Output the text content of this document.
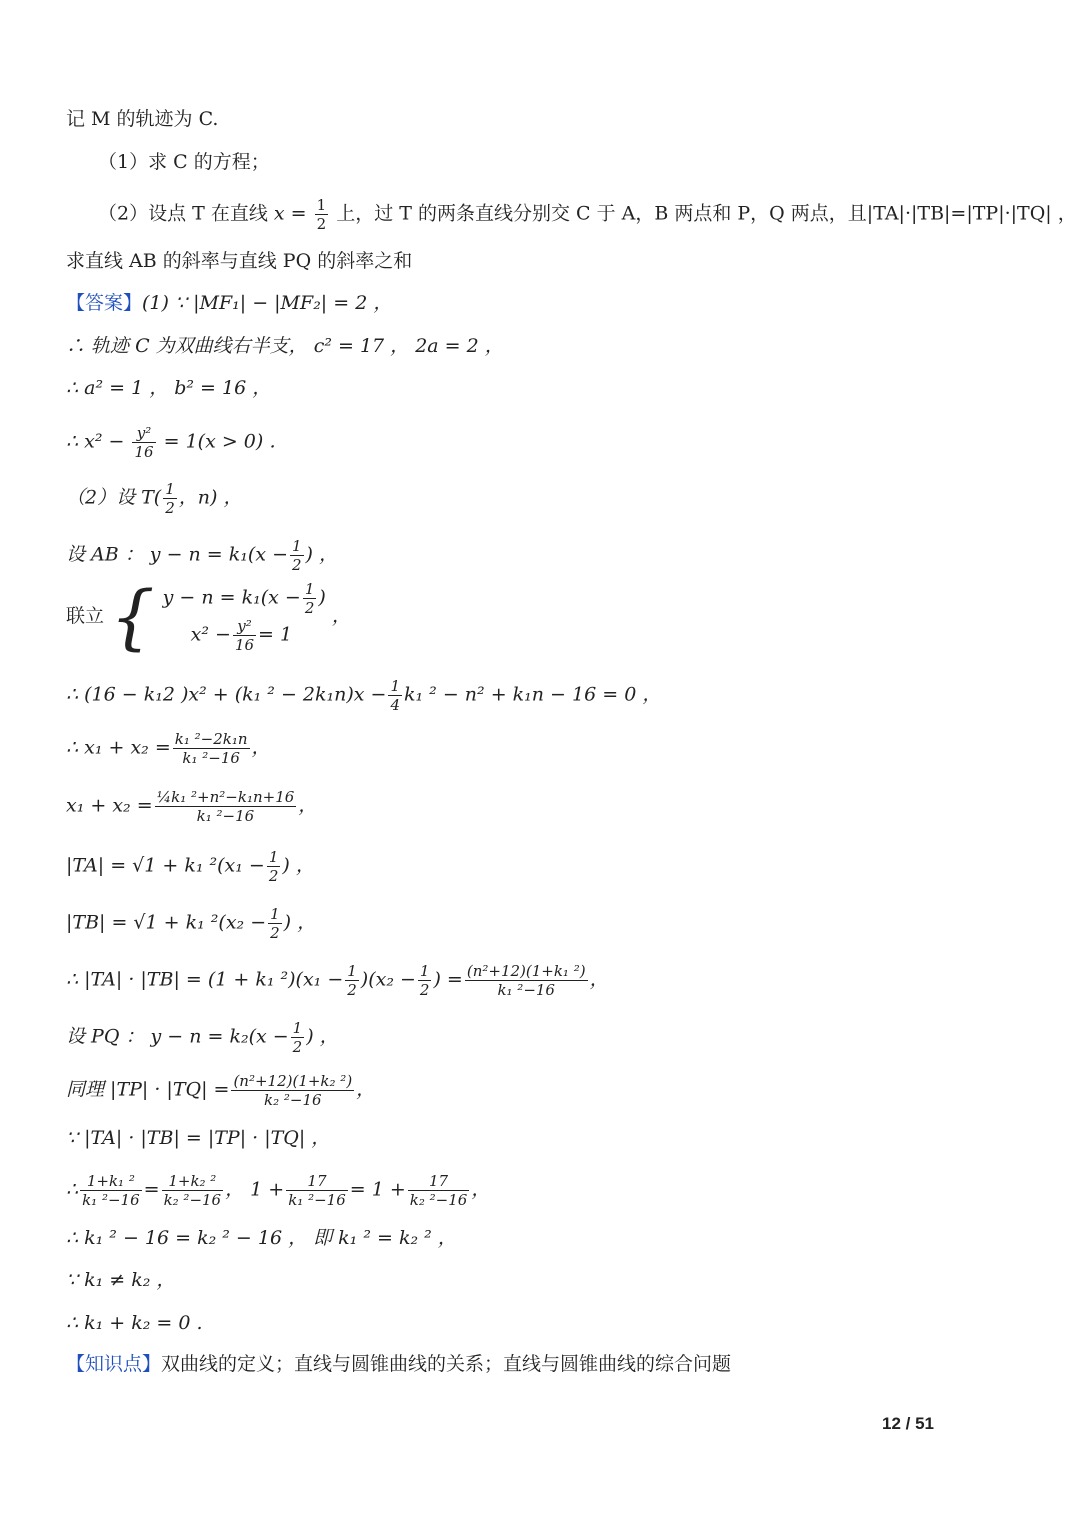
记 M 的轨迹为 C.
（1）求 C 的方程；
（2）设点 T 在直线 $x = \frac{1}{2}$ 上，过 T 的两条直线分别交 C 于 A，B 两点和 P，Q 两点，且|TA|·|TB|=|TP|·|TQ| ，
求直线 AB 的斜率与直线 PQ 的斜率之和
【答案】(1) ∵ |MF₁| − |MF₂| = 2 ，
∴ 轨迹 C 为双曲线右半支， c² = 17 ， 2a = 2 ，
∴ a² = 1 ， b² = 16 ，
∴ $x^2 - \frac{\text{y²}}{16} = 1(x > 0)$ ．
（2）设 $T( \frac{1}{2}$ ，n) ，
设 AB ： $y - n = k_1(x - \frac{1}{2}$ ) ，
联立 { $y - n = k_1(x - \frac{1}{2}$ )
$x^2 - \frac{\text{y²}}{16} = 1$
，
∴ (16 − k₁2 )x² + (k₁ $^2 - 2k_1n)x - \frac{1}{4} k_1$ ² − n² + k₁n − 16 = 0 ，
∴ $x_1 + x_2 = \frac{\text{k₁ ²−2k₁n}}{\text{k₁ ²−16}}$ ，
$x_1 + x_2 = \frac{\text{¼k₁ ²+n²−k₁n+16}}{\text{k₁ ²−16}}$ ，
|TA| = √1 + k₁ $^2(x_1 - \frac{1}{2}$ ) ，
|TB| = √1 + k₁ $^2(x_2 - \frac{1}{2}$ ) ，
∴ |TA| · |TB| = (1 + k₁ $^2)(x_1 - \frac{1}{2} )(x_2 - \frac{1}{2}$ ) = $\frac{\text{(n²+12)(1+k₁ ²)}}{\text{k₁ ²−16}}$ ，
设 PQ ： $y - n = k_2(x - \frac{1}{2}$ ) ，
同理 $|TP| \cdot |TQ| = \frac{\text{(n²+12)(1+k₂ ²)}}{\text{k₂ ²−16}}$ ，
∵ |TA| · |TB| = |TP| · |TQ| ，
∴ $\frac{\text{1+k₁ ²}}{\text{k₁ ²−16}} = \frac{\text{1+k₂ ²}}{\text{k₂ ²−16}}$ ， $1 + \frac{17}{\text{k₁ ²−16}} = 1 + \frac{17}{\text{k₂ ²−16}}$ ，
∴ k₁ ² − 16 = k₂ ² − 16 ， 即 k₁ ² = k₂ ² ，
∵ k₁ ≠ k₂ ，
∴ k₁ + k₂ = 0 .
【知识点】双曲线的定义；直线与圆锥曲线的关系；直线与圆锥曲线的综合问题
12 / 51
